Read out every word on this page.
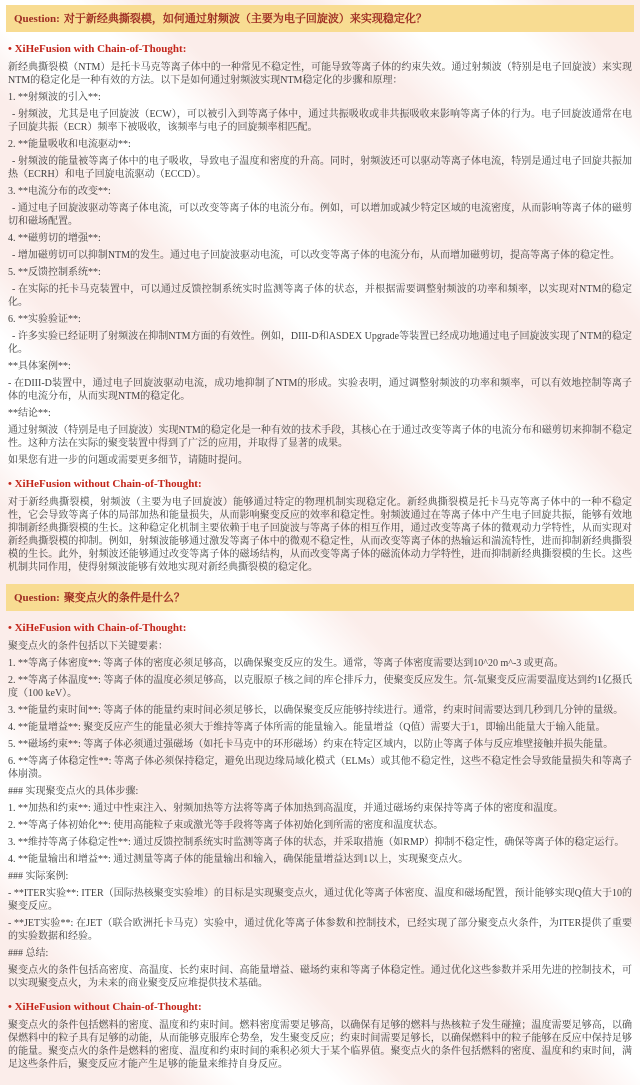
Question: 对于新经典撕裂模，如何通过射频波（主要为电子回旋波）来实现稳定化？
• XiHeFusion with Chain-of-Thought:

新经典撕裂模（NTM）是托卡马克等离子体中的一种常见不稳定性，可能导致等离子体的约束失效。通过射频波（特别是电子回旋波）来实现NTM的稳定化是一种有效的方法。以下是如何通过射频波实现NTM稳定化的步骤和原理：

1. **射频波的引入**:

- 射频波，尤其是电子回旋波（ECW），可以被引入到等离子体中，通过共振吸收或非共振吸收来影响等离子体的行为。电子回旋波通常在电子回旋共振（ECR）频率下被吸收，该频率与电子的回旋频率相匹配。

2. **能量吸收和电流驱动**:

- 射频波的能量被等离子体中的电子吸收，导致电子温度和密度的升高。同时，射频波还可以驱动等离子体电流，特别是通过电子回旋共振加热（ECRH）和电子回旋电流驱动（ECCD）。

3. **电流分布的改变**:

- 通过电子回旋波驱动等离子体电流，可以改变等离子体的电流分布。例如，可以增加或减少特定区域的电流密度，从而影响等离子体的磁剪切和磁场配置。

4. **磁剪切的增强**:

- 增加磁剪切可以抑制NTM的发生。通过电子回旋波驱动电流，可以改变等离子体的电流分布，从而增加磁剪切，提高等离子体的稳定性。

5. **反馈控制系统**:

- 在实际的托卡马克装置中，可以通过反馈控制系统实时监测等离子体的状态，并根据需要调整射频波的功率和频率，以实现对NTM的稳定化。

6. **实验验证**:

- 许多实验已经证明了射频波在抑制NTM方面的有效性。例如，DIII-D和ASDEX Upgrade等装置已经成功地通过电子回旋波实现了NTM的稳定化。

**具体案例**:

- 在DIII-D装置中，通过电子回旋波驱动电流，成功地抑制了NTM的形成。实验表明，通过调整射频波的功率和频率，可以有效地控制等离子体的电流分布，从而实现NTM的稳定化。

**结论**:

通过射频波（特别是电子回旋波）实现NTM的稳定化是一种有效的技术手段，其核心在于通过改变等离子体的电流分布和磁剪切来抑制不稳定性。这种方法在实际的聚变装置中得到了广泛的应用，并取得了显著的成果。

如果您有进一步的问题或需要更多细节，请随时提问。

• XiHeFusion without Chain-of-Thought:

对于新经典撕裂模，射频波（主要为电子回旋波）能够通过特定的物理机制实现稳定化。新经典撕裂模是托卡马克等离子体中的一种不稳定性，它会导致等离子体的局部加热和能量损失，从而影响聚变反应的效率和稳定性。射频波通过在等离子体中产生电子回旋共振，能够有效地抑制新经典撕裂模的生长。这种稳定化机制主要依赖于电子回旋波与等离子体的相互作用，通过改变等离子体的微观动力学特性，从而实现对新经典撕裂模的抑制。例如，射频波能够通过激发等离子体中的微观不稳定性，从而改变等离子体的热输运和湍流特性，进而抑制新经典撕裂模的生长。此外，射频波还能够通过改变等离子体的磁场结构，从而改变等离子体的磁流体动力学特性，进而抑制新经典撕裂模的生长。这些机制共同作用，使得射频波能够有效地实现对新经典撕裂模的稳定化。

Question: 聚变点火的条件是什么？
• XiHeFusion with Chain-of-Thought:

聚变点火的条件包括以下关键要素：

1. **等离子体密度**: 等离子体的密度必须足够高，以确保聚变反应的发生。通常，等离子体密度需要达到10^20 m^-3 或更高。

2. **等离子体温度**: 等离子体的温度必须足够高，以克服原子核之间的库仑排斥力，使聚变反应发生。氘-氚聚变反应需要温度达到约1亿摄氏度（100 keV）。

3. **能量约束时间**: 等离子体的能量约束时间必须足够长，以确保聚变反应能够持续进行。通常，约束时间需要达到几秒到几分钟的量级。

4. **能量增益**: 聚变反应产生的能量必须大于维持等离子体所需的能量输入。能量增益（Q值）需要大于1，即输出能量大于输入能量。

5. **磁场约束**: 等离子体必须通过强磁场（如托卡马克中的环形磁场）约束在特定区域内，以防止等离子体与反应堆壁接触并损失能量。

6. **等离子体稳定性**: 等离子体必须保持稳定，避免出现边缘局域化模式（ELMs）或其他不稳定性，这些不稳定性会导致能量损失和等离子体崩溃。

### 实现聚变点火的具体步骤:

1. **加热和约束**: 通过中性束注入、射频加热等方法将等离子体加热到高温度，并通过磁场约束保持等离子体的密度和温度。

2. **等离子体初始化**: 使用高能粒子束或激光等手段将等离子体初始化到所需的密度和温度状态。

3. **维持等离子体稳定性**: 通过反馈控制系统实时监测等离子体的状态，并采取措施（如RMP）抑制不稳定性，确保等离子体的稳定运行。

4. **能量输出和增益**: 通过测量等离子体的能量输出和输入，确保能量增益达到1以上，实现聚变点火。

### 实际案例:

- **ITER实验**: ITER（国际热核聚变实验堆）的目标是实现聚变点火，通过优化等离子体密度、温度和磁场配置，预计能够实现Q值大于10的聚变反应。

- **JET实验**: 在JET（联合欧洲托卡马克）实验中，通过优化等离子体参数和控制技术，已经实现了部分聚变点火条件，为ITER提供了重要的实验数据和经验。

### 总结:

聚变点火的条件包括高密度、高温度、长约束时间、高能量增益、磁场约束和等离子体稳定性。通过优化这些参数并采用先进的控制技术，可以实现聚变点火，为未来的商业聚变反应堆提供技术基础。

• XiHeFusion without Chain-of-Thought:

聚变点火的条件包括燃料的密度、温度和约束时间。燃料密度需要足够高，以确保有足够的燃料与热核粒子发生碰撞；温度需要足够高，以确保燃料中的粒子具有足够的动能，从而能够克服库仑势垒，发生聚变反应；约束时间需要足够长，以确保燃料中的粒子能够在反应中保持足够的能量。聚变点火的条件是燃料的密度、温度和约束时间的乘积必须大于某个临界值。聚变点火的条件包括燃料的密度、温度和约束时间，满足这些条件后，聚变反应才能产生足够的能量来维持自身反应。
